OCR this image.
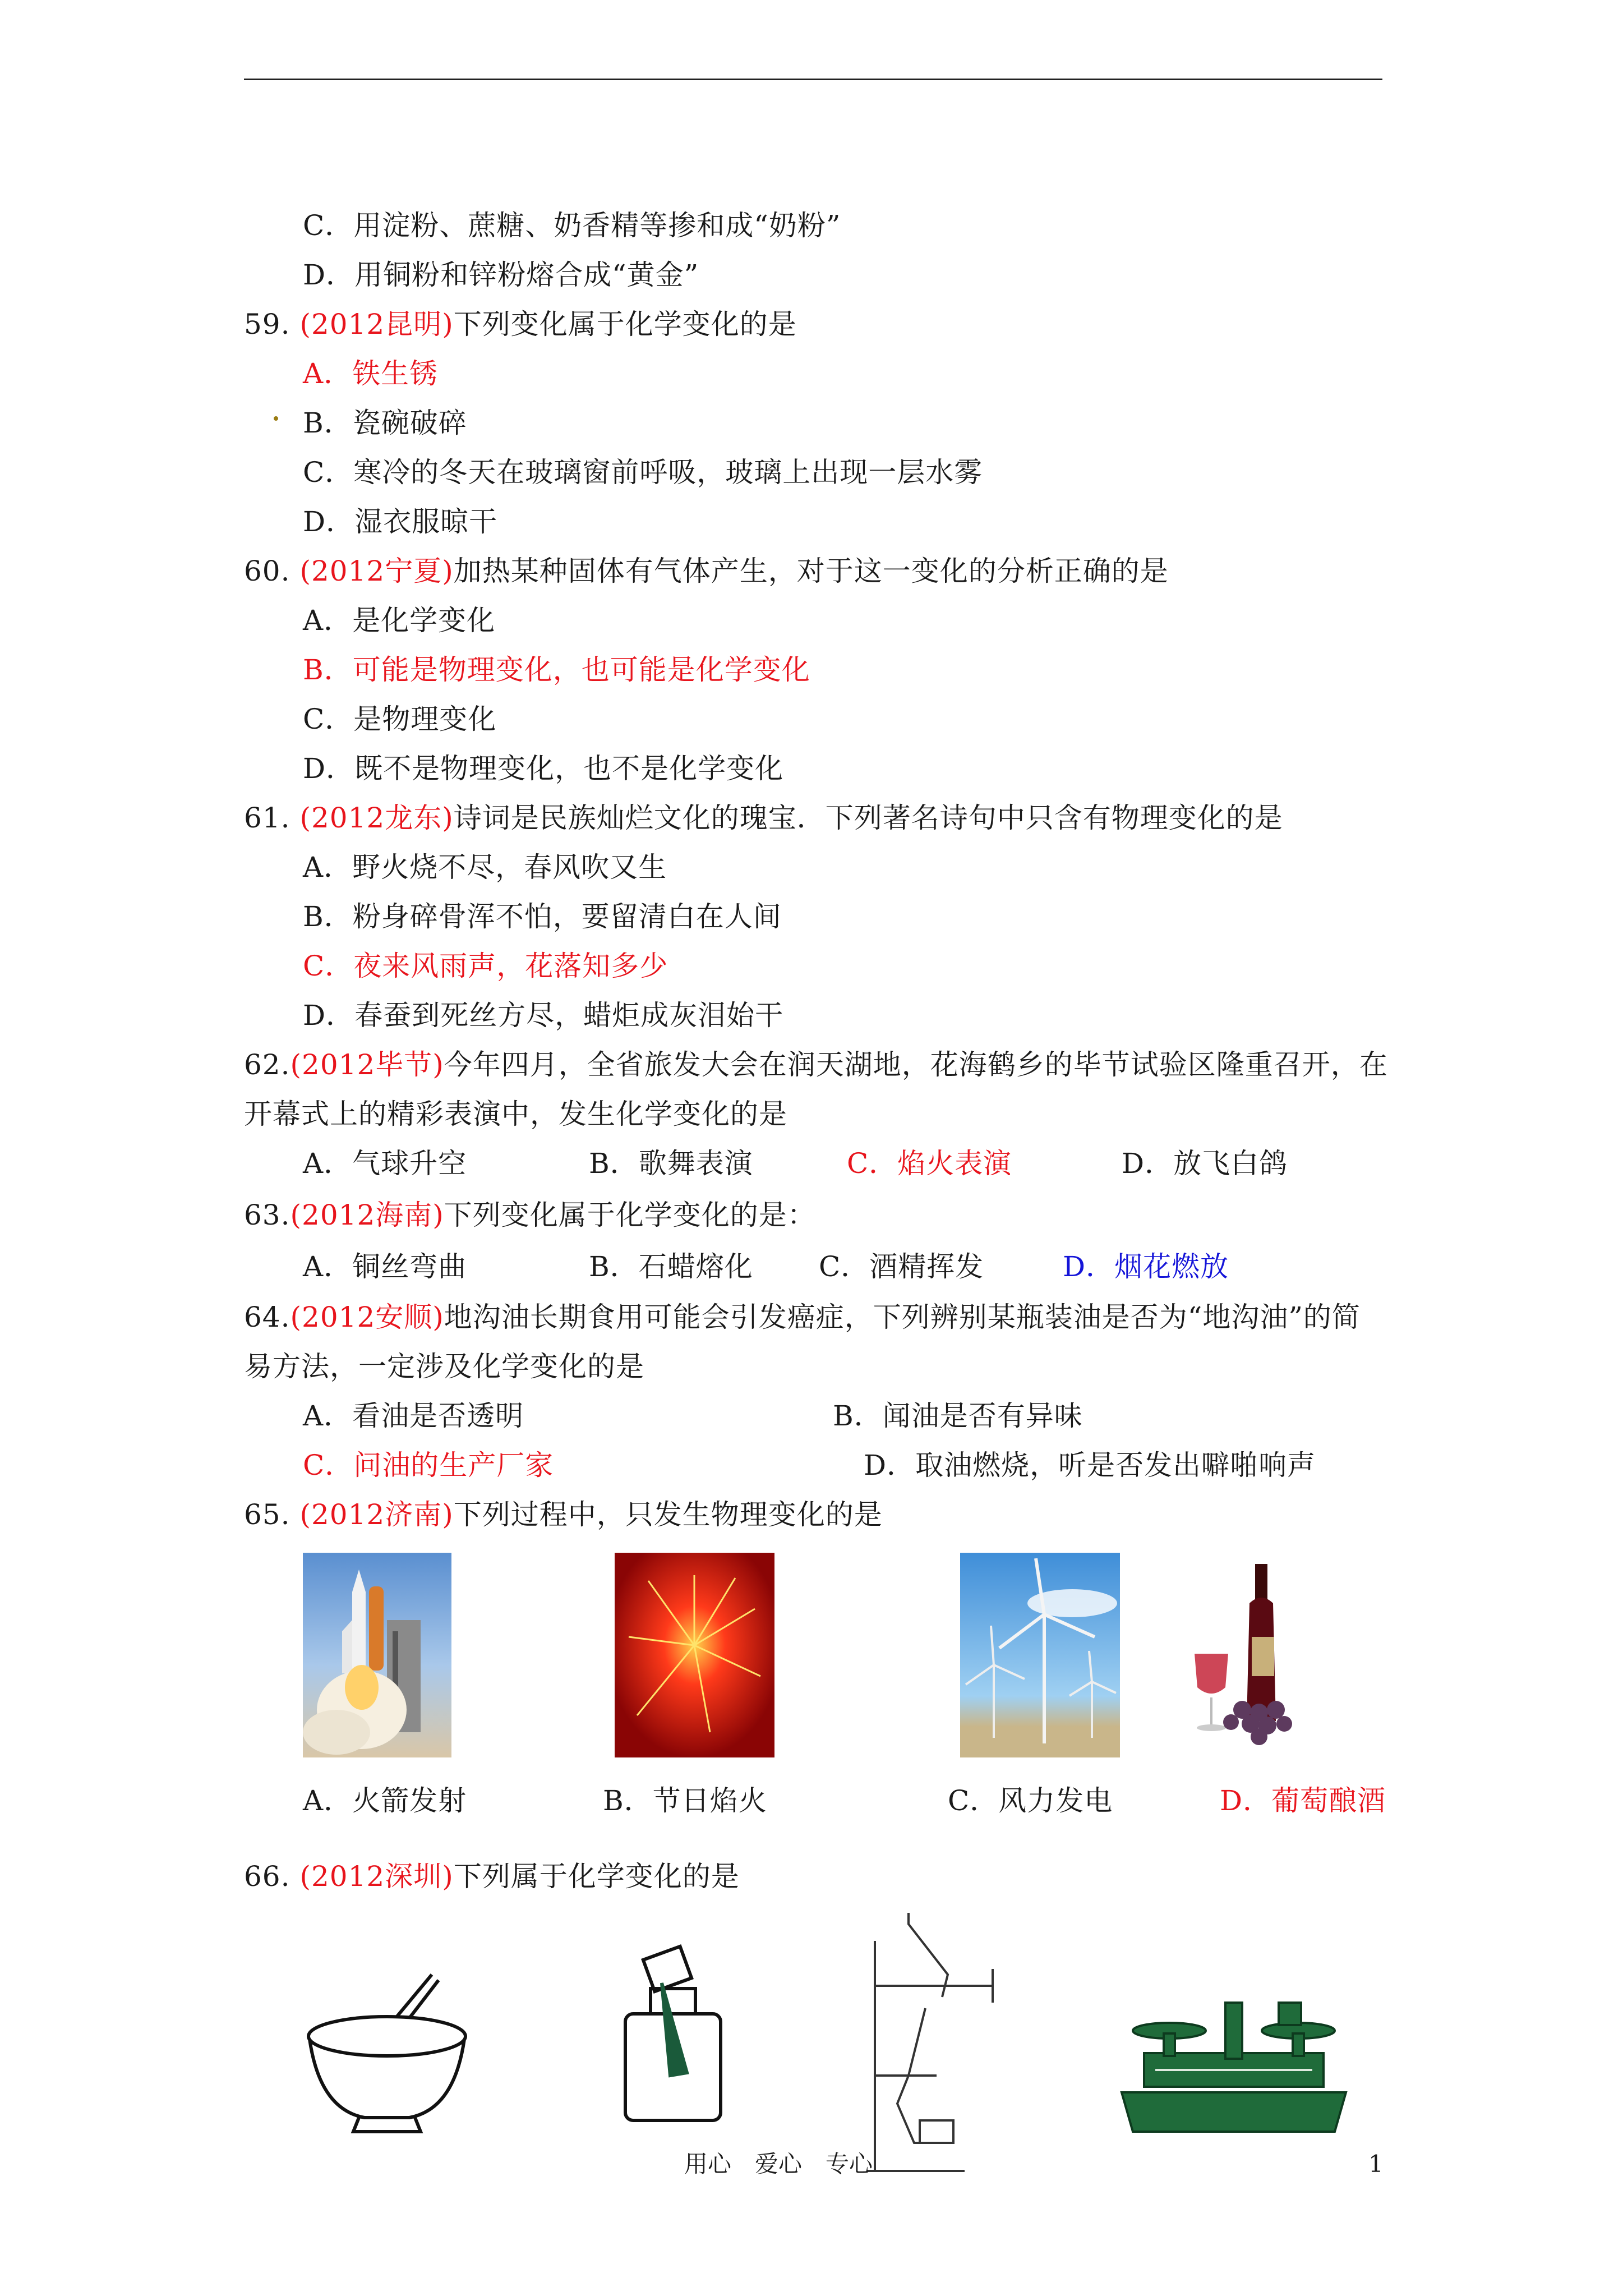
C．用淀粉、蔗糖、奶香精等掺和成“奶粉”
D．用铜粉和锌粉熔合成“黄金”
59. (2012昆明)下列变化属于化学变化的是
A．铁生锈
B．瓷碗破碎
C．寒冷的冬天在玻璃窗前呼吸，玻璃上出现一层水雾
D．湿衣服晾干
60. (2012宁夏)加热某种固体有气体产生，对于这一变化的分析正确的是
A．是化学变化
B．可能是物理变化，也可能是化学变化
C．是物理变化
D．既不是物理变化，也不是化学变化
61. (2012龙东)诗词是民族灿烂文化的瑰宝．下列著名诗句中只含有物理变化的是
A．野火烧不尽，春风吹又生
B．粉身碎骨浑不怕，要留清白在人间
C．夜来风雨声，花落知多少
D．春蚕到死丝方尽，蜡炬成灰泪始干
62.(2012毕节)今年四月，全省旅发大会在润天湖地，花海鹤乡的毕节试验区隆重召开，在
开幕式上的精彩表演中，发生化学变化的是
A．气球升空	B．歌舞表演	C．焰火表演	D．放飞白鸽
63.(2012海南)下列变化属于化学变化的是：
A．铜丝弯曲	B．石蜡熔化 C．酒精挥发	D．烟花燃放
64.(2012安顺)地沟油长期食用可能会引发癌症，下列辨别某瓶装油是否为“地沟油”的简
易方法，一定涉及化学变化的是
A．看油是否透明	B．闻油是否有异味
C．问油的生产厂家	D．取油燃烧，听是否发出噼啪响声
65. (2012济南)下列过程中，只发生物理变化的是
A．火箭发射	B．节日焰火	C．风力发电	D．葡萄酿酒
66. (2012深圳)下列属于化学变化的是
用心　爱心　专心	1
